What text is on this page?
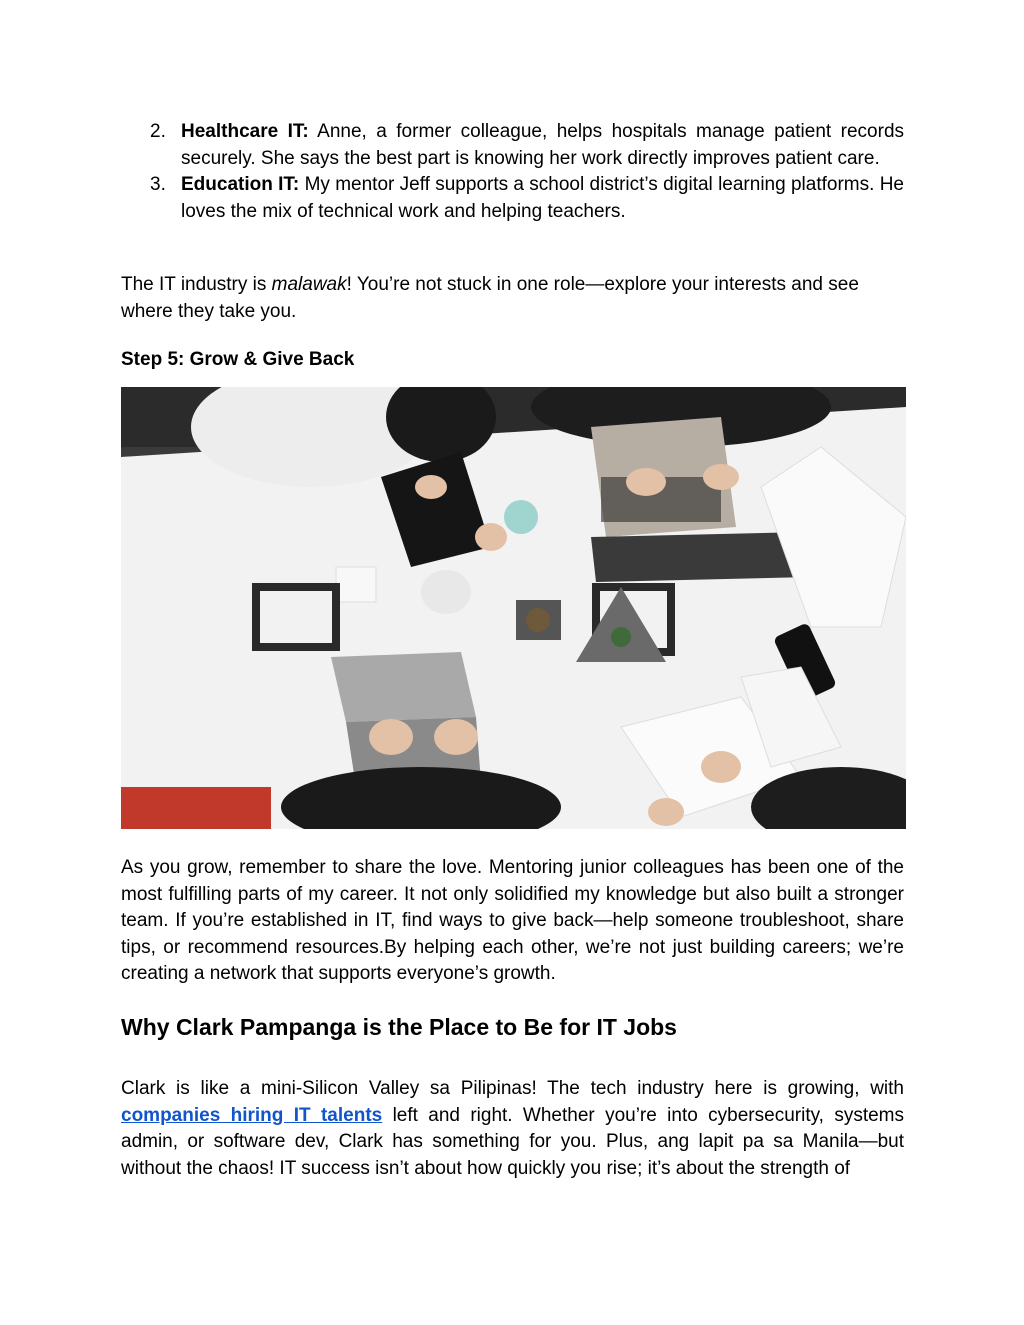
2. Healthcare IT: Anne, a former colleague, helps hospitals manage patient records securely. She says the best part is knowing her work directly improves patient care.
3. Education IT: My mentor Jeff supports a school district’s digital learning platforms. He loves the mix of technical work and helping teachers.

The IT industry is malawak! You’re not stuck in one role—explore your interests and see where they take you.

Step 5: Grow & Give Back

As you grow, remember to share the love. Mentoring junior colleagues has been one of the most fulfilling parts of my career. It not only solidified my knowledge but also built a stronger team. If you’re established in IT, find ways to give back—help someone troubleshoot, share tips, or recommend resources.By helping each other, we’re not just building careers; we’re creating a network that supports everyone’s growth.

Why Clark Pampanga is the Place to Be for IT Jobs

Clark is like a mini-Silicon Valley sa Pilipinas! The tech industry here is growing, with companies hiring IT talents left and right. Whether you’re into cybersecurity, systems admin, or software dev, Clark has something for you. Plus, ang lapit pa sa Manila—but without the chaos! IT success isn’t about how quickly you rise; it’s about the strength of
